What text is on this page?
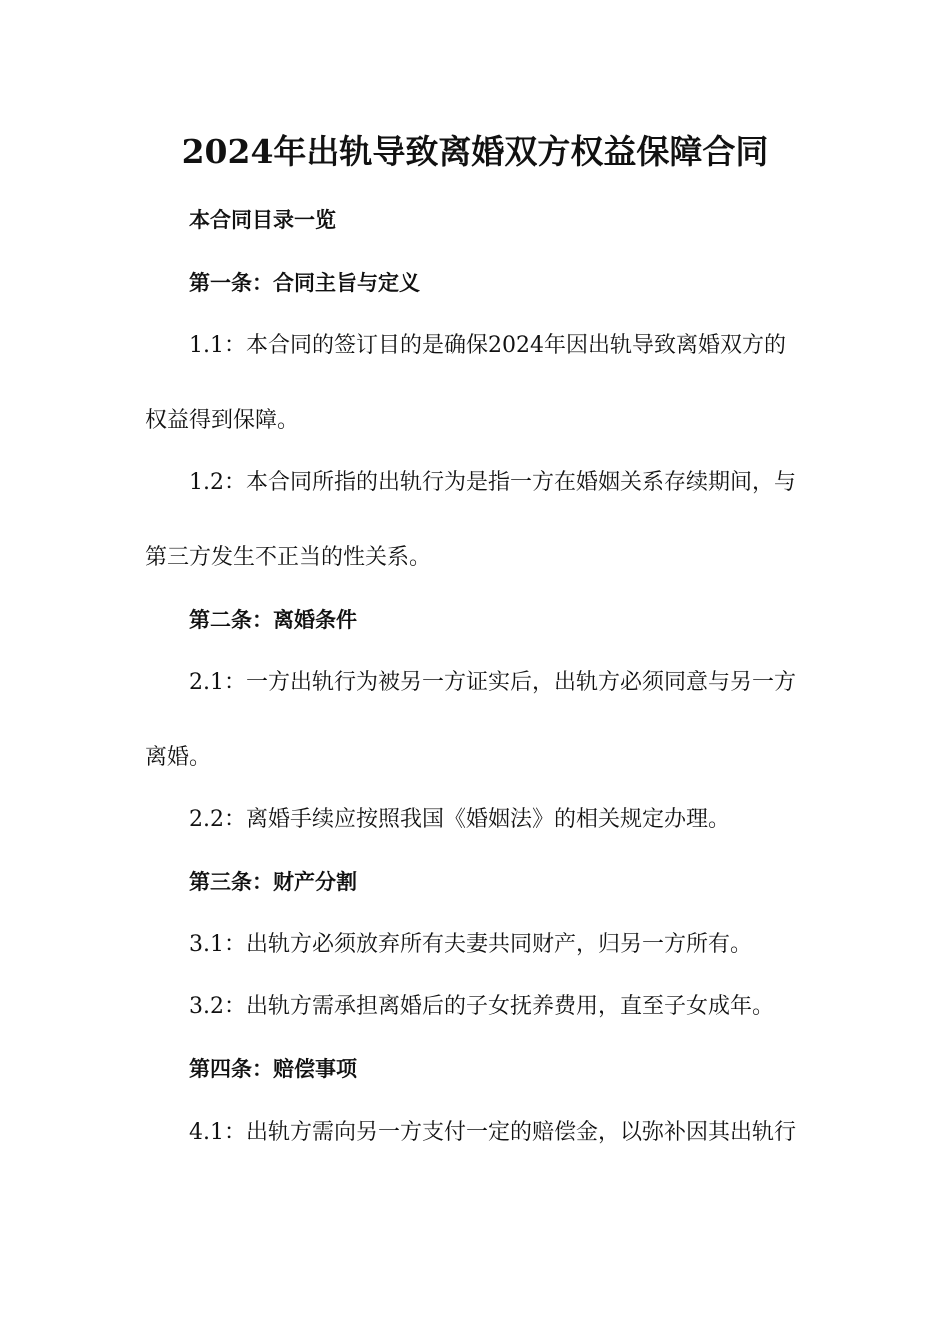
2024年出轨导致离婚双方权益保障合同
本合同目录一览
第一条：合同主旨与定义
1.1：本合同的签订目的是确保2024年因出轨导致离婚双方的
权益得到保障。
1.2：本合同所指的出轨行为是指一方在婚姻关系存续期间，与
第三方发生不正当的性关系。
第二条：离婚条件
2.1：一方出轨行为被另一方证实后，出轨方必须同意与另一方
离婚。
2.2：离婚手续应按照我国《婚姻法》的相关规定办理。
第三条：财产分割
3.1：出轨方必须放弃所有夫妻共同财产，归另一方所有。
3.2：出轨方需承担离婚后的子女抚养费用，直至子女成年。
第四条：赔偿事项
4.1：出轨方需向另一方支付一定的赔偿金，以弥补因其出轨行
